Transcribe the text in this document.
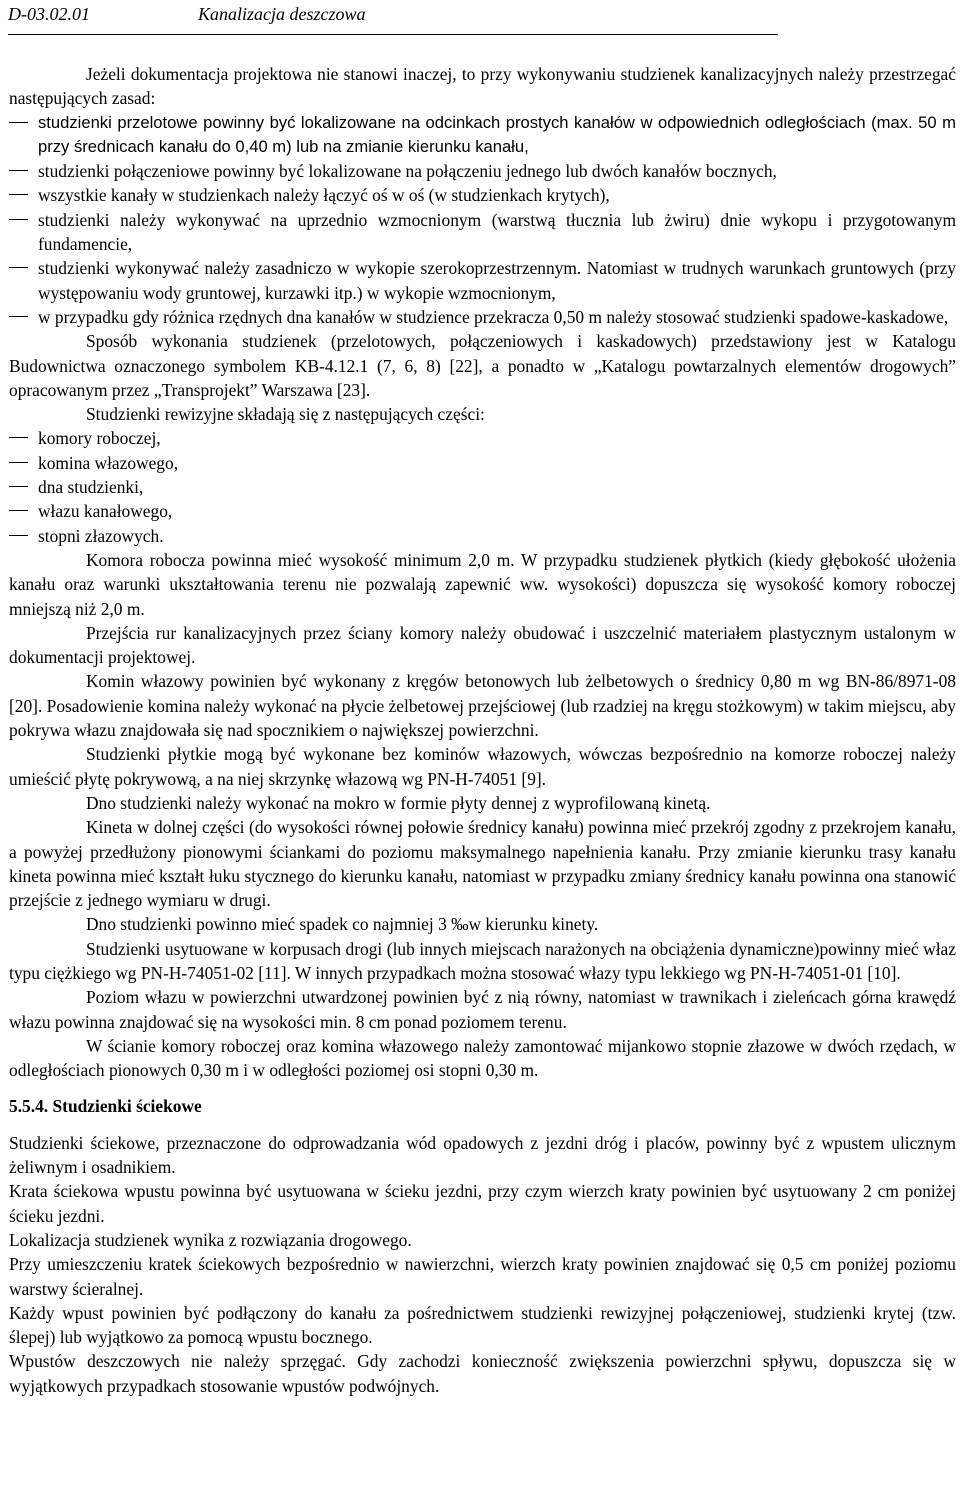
D-03.02.01	Kanalizacja deszczowa

Jeżeli dokumentacja projektowa nie stanowi inaczej, to przy wykonywaniu studzienek kanalizacyjnych należy przestrzegać następujących zasad:

studzienki przelotowe powinny być lokalizowane na odcinkach prostych kanałów w odpowiednich odległościach (max. 50 m przy średnicach kanału do 0,40 m) lub na zmianie kierunku kanału,
studzienki połączeniowe powinny być lokalizowane na połączeniu jednego lub dwóch kanałów bocznych,
wszystkie kanały w studzienkach należy łączyć oś w oś (w studzienkach krytych),
studzienki należy wykonywać na uprzednio wzmocnionym (warstwą tłucznia lub żwiru) dnie wykopu i przygotowanym fundamencie,
studzienki wykonywać należy zasadniczo w wykopie szerokoprzestrzennym. Natomiast w trudnych warunkach gruntowych (przy występowaniu wody gruntowej, kurzawki itp.) w wykopie wzmocnionym,
w przypadku gdy różnica rzędnych dna kanałów w studzience przekracza 0,50 m należy stosować studzienki spadowe-kaskadowe,

Sposób wykonania studzienek (przelotowych, połączeniowych i kaskadowych) przedstawiony jest w Katalogu Budownictwa oznaczonego symbolem KB-4.12.1 (7, 6, 8) [22], a ponadto w „Katalogu powtarzalnych elementów drogowych” opracowanym przez „Transprojekt” Warszawa [23].

Studzienki rewizyjne składają się z następujących części:

komory roboczej,
komina włazowego,
dna studzienki,
włazu kanałowego,
stopni złazowych.

Komora robocza powinna mieć wysokość minimum 2,0 m. W przypadku studzienek płytkich (kiedy głębokość ułożenia kanału oraz warunki ukształtowania terenu nie pozwalają zapewnić ww. wysokości) dopuszcza się wysokość komory roboczej mniejszą niż 2,0 m.

Przejścia rur kanalizacyjnych przez ściany komory należy obudować i uszczelnić materiałem plastycznym ustalonym w dokumentacji projektowej.

Komin włazowy powinien być wykonany z kręgów betonowych lub żelbetowych o średnicy 0,80 m wg BN-86/8971-08 [20]. Posadowienie komina należy wykonać na płycie żelbetowej przejściowej (lub rzadziej na kręgu stożkowym) w takim miejscu, aby pokrywa włazu znajdowała się nad spocznikiem o największej powierzchni.

Studzienki płytkie mogą być wykonane bez kominów włazowych, wówczas bezpośrednio na komorze roboczej należy umieścić płytę pokrywową, a na niej skrzynkę włazową wg PN-H-74051 [9].

Dno studzienki należy wykonać na mokro w formie płyty dennej z wyprofilowaną kinetą.

Kineta w dolnej części (do wysokości równej połowie średnicy kanału) powinna mieć przekrój zgodny z przekrojem kanału, a powyżej przedłużony pionowymi ściankami do poziomu maksymalnego napełnienia kanału. Przy zmianie kierunku trasy kanału kineta powinna mieć kształt łuku stycznego do kierunku kanału, natomiast w przypadku zmiany średnicy kanału powinna ona stanowić przejście z jednego wymiaru w drugi.

Dno studzienki powinno mieć spadek co najmniej 3 ‰w kierunku kinety.

Studzienki usytuowane w korpusach drogi (lub innych miejscach narażonych na obciążenia dynamiczne)powinny mieć właz typu ciężkiego wg PN-H-74051-02 [11]. W innych przypadkach można stosować włazy typu lekkiego wg PN-H-74051-01 [10].

Poziom włazu w powierzchni utwardzonej powinien być z nią równy, natomiast w trawnikach i zieleńcach górna krawędź włazu powinna znajdować się na wysokości min. 8 cm ponad poziomem terenu.

W ścianie komory roboczej oraz komina włazowego należy zamontować mijankowo stopnie złazowe w dwóch rzędach, w odległościach pionowych 0,30 m i w odległości poziomej osi stopni 0,30 m.

5.5.4. Studzienki ściekowe

Studzienki ściekowe, przeznaczone do odprowadzania wód opadowych z jezdni dróg i placów, powinny być z wpustem ulicznym żeliwnym i osadnikiem.

Krata ściekowa wpustu powinna być usytuowana w ścieku jezdni, przy czym wierzch kraty powinien być usytuowany 2 cm poniżej ścieku jezdni.

Lokalizacja studzienek wynika z rozwiązania drogowego.

Przy umieszczeniu kratek ściekowych bezpośrednio w nawierzchni, wierzch kraty powinien znajdować się 0,5 cm poniżej poziomu warstwy ścieralnej.

Każdy wpust powinien być podłączony do kanału za pośrednictwem studzienki rewizyjnej połączeniowej, studzienki krytej (tzw. ślepej) lub wyjątkowo za pomocą wpustu bocznego.

Wpustów deszczowych nie należy sprzęgać. Gdy zachodzi konieczność zwiększenia powierzchni spływu, dopuszcza się w wyjątkowych przypadkach stosowanie wpustów podwójnych.
